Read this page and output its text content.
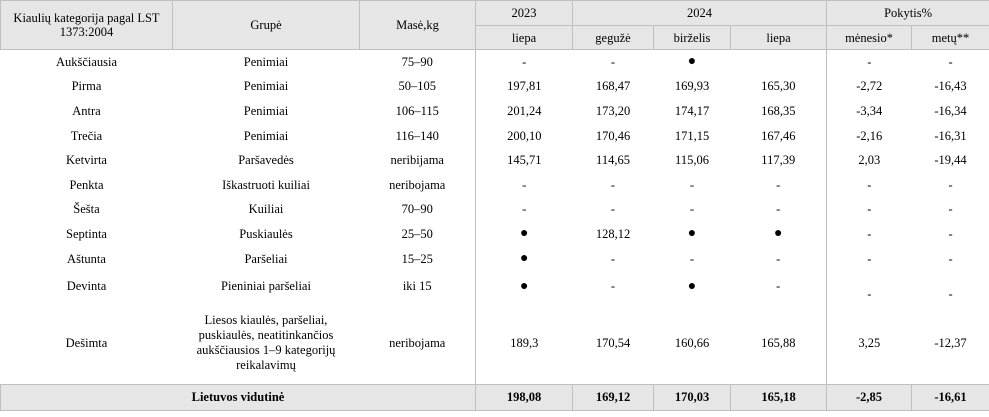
Kiaulių kategorija pagal LST 1373:2004	Grupė	Masė,kg	2023	2024			Pokytis%	
			liepa	gegužė	birželis	liepa	mėnesio*	metų**
Aukščiausia	Penimiai	75–90	-	-	●		-	-
Pirma	Penimiai	50–105	197,81	168,47	169,93	165,30	-2,72	-16,43
Antra	Penimiai	106–115	201,24	173,20	174,17	168,35	-3,34	-16,34
Trečia	Penimiai	116–140	200,10	170,46	171,15	167,46	-2,16	-16,31
Ketvirta	Paršavedės	neribijama	145,71	114,65	115,06	117,39	2,03	-19,44
Penkta	Iškastruoti kuiliai	neribojama	-	-	-	-	-	-
Šešta	Kuiliai	70–90	-	-	-	-	-	-
Septinta	Puskiaulės	25–50	●	128,12	●	●	-	-
Aštunta	Paršeliai	15–25	●	-	-	-	-	-
Devinta	Pieniniai paršeliai	iki 15	●	-	●	-	-	-
Dešimta	Liesos kiaulės, paršeliai, puskiaulės, neatitinkančios aukščiausios 1–9 kategorijų reikalavimų	neribojama	189,3	170,54	160,66	165,88	3,25	-12,37
Lietuvos vidutinė			198,08	169,12	170,03	165,18	-2,85	-16,61
